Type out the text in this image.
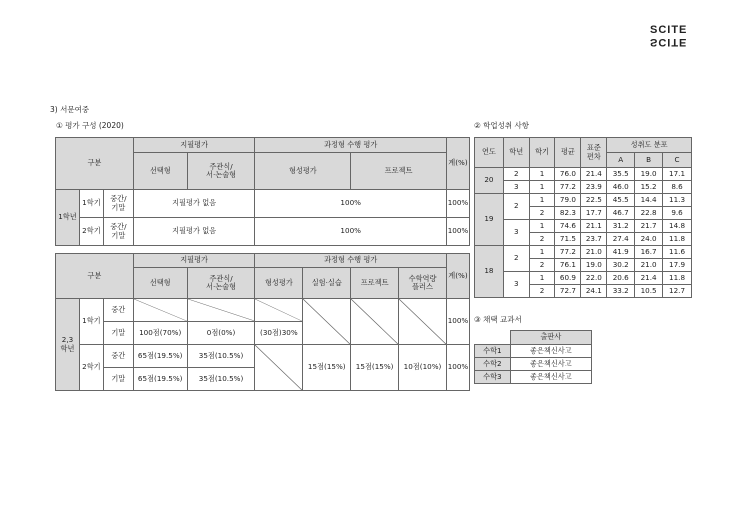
SCITE
SCITE
3) 서문여중
① 평가 구성 (2020)	② 학업성취 사항
③ 채택 교과서
구분			지필평가		과정형 수행 평가		계(%)
			선택형	주관식/
서·논술형	형성평가	프로젝트	
1학년	1학기	중간/
기말	지필평가 없음		100%		100%
	2학기	중간/
기말	지필평가 없음		100%		100%
구분			지필평가		과정형 수행 평가				계(%)
			선택형	주관식/
서·논술형	형성평가	실험·실습	프로젝트	수학역량
플러스	
2,3
학년	1학기	중간							100%
		기말	100점(70%)	0점(0%)	(30점)30%				
	2학기	중간	65점(19.5%)	35점(10.5%)		15점(15%)	15점(15%)	10점(10%)	100%
		기말	65점(19.5%)	35점(10.5%)					
연도	학년	학기	평균	표준
편차	성취도 분포		
					A	B	C
20	2	1	76.0	21.4	35.5	19.0	17.1
	3	1	77.2	23.9	46.0	15.2	8.6
19	2	1	79.0	22.5	45.5	14.4	11.3
		2	82.3	17.7	46.7	22.8	9.6
	3	1	74.6	21.1	31.2	21.7	14.8
		2	71.5	23.7	27.4	24.0	11.8
18	2	1	77.2	21.0	41.9	16.7	11.6
		2	76.1	19.0	30.2	21.0	17.9
	3	1	60.9	22.0	20.6	21.4	11.8
		2	72.7	24.1	33.2	10.5	12.7
	출판사
수학1	좋은책신사고
수학2	좋은책신사고
수학3	좋은책신사고
